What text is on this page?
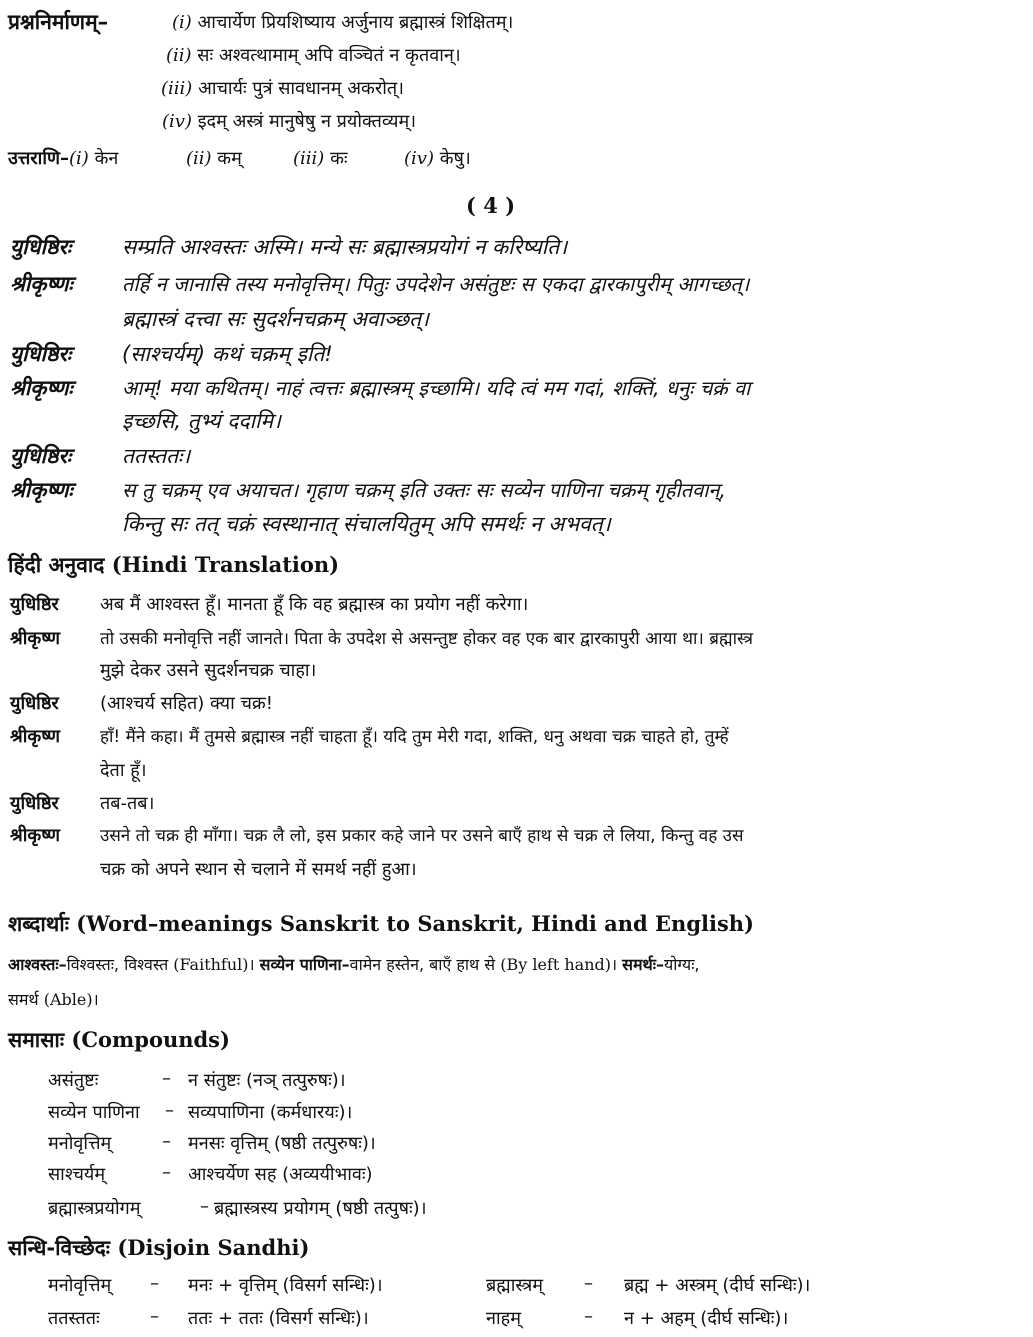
प्रश्ननिर्माणम्–	(i) आचार्येण प्रियशिष्याय अर्जुनाय ब्रह्मास्त्रं शिक्षितम्।
(ii) सः अश्वत्थामाम् अपि वञ्चितं न कृतवान्।
(iii) आचार्यः पुत्रं सावधानम् अकरोत्।
(iv) इदम् अस्त्रं मानुषेषु न प्रयोक्तव्यम्।
उत्तराणि–(i) केन	(ii) कम्	(iii) कः	(iv) केषु।
( 4 )
युधिष्ठिरः सम्प्रति आश्वस्तः अस्मि। मन्ये सः ब्रह्मास्त्रप्रयोगं न करिष्यति।
श्रीकृष्णः तर्हि न जानासि तस्य मनोवृत्तिम्। पितुः उपदेशेन असंतुष्टः स एकदा द्वारकापुरीम् आगच्छत्।
ब्रह्मास्त्रं दत्त्वा सः सुदर्शनचक्रम् अवाञ्छत्।
युधिष्ठिरः (साश्चर्यम्) कथं चक्रम् इति!
श्रीकृष्णः आम्! मया कथितम्। नाहं त्वत्तः ब्रह्मास्त्रम् इच्छामि। यदि त्वं मम गदां, शक्तिं, धनुः चक्रं वा
इच्छसि, तुभ्यं ददामि।
युधिष्ठिरः ततस्ततः।
श्रीकृष्णः स तु चक्रम् एव अयाचत। गृहाण चक्रम् इति उक्तः सः सव्येन पाणिना चक्रम् गृहीतवान्,
किन्तु सः तत् चक्रं स्वस्थानात् संचालयितुम् अपि समर्थः न अभवत्।
हिंदी अनुवाद (Hindi Translation)
युधिष्ठिर अब मैं आश्वस्त हूँ। मानता हूँ कि वह ब्रह्मास्त्र का प्रयोग नहीं करेगा।
श्रीकृष्ण तो उसकी मनोवृत्ति नहीं जानते। पिता के उपदेश से असन्तुष्ट होकर वह एक बार द्वारकापुरी आया था। ब्रह्मास्त्र
मुझे देकर उसने सुदर्शनचक्र चाहा।
युधिष्ठिर (आश्चर्य सहित) क्या चक्र!
श्रीकृष्ण हाँ! मैंने कहा। मैं तुमसे ब्रह्मास्त्र नहीं चाहता हूँ। यदि तुम मेरी गदा, शक्ति, धनु अथवा चक्र चाहते हो, तुम्हें
देता हूँ।
युधिष्ठिर तब-तब।
श्रीकृष्ण उसने तो चक्र ही माँगा। चक्र लै लो, इस प्रकार कहे जाने पर उसने बाएँ हाथ से चक्र ले लिया, किन्तु वह उस
चक्र को अपने स्थान से चलाने में समर्थ नहीं हुआ।
शब्दार्थाः (Word–meanings Sanskrit to Sanskrit, Hindi and English)
आश्वस्तः–विश्वस्तः, विश्वस्त (Faithful)। सव्येन पाणिना–वामेन हस्तेन, बाएँ हाथ से (By left hand)। समर्थः–योग्यः,
समर्थ (Able)।
समासाः (Compounds)
असंतुष्टः	– न संतुष्टः (नञ् तत्पुरुषः)।
सव्येन पाणिना – सव्यपाणिना (कर्मधारयः)।
मनोवृत्तिम्	– मनसः वृत्तिम् (षष्ठी तत्पुरुषः)।
साश्चर्यम्	– आश्चर्येण सह (अव्ययीभावः)
ब्रह्मास्त्रप्रयोगम्	– ब्रह्मास्त्रस्य प्रयोगम् (षष्ठी तत्पुषः)।
सन्धि-विच्छेदः (Disjoin Sandhi)
मनोवृत्तिम् – मनः + वृत्तिम् (विसर्ग सन्धिः)।	ब्रह्मास्त्रम् – ब्रह्म + अस्त्रम् (दीर्घ सन्धिः)।
ततस्ततः	– ततः + ततः (विसर्ग सन्धिः)।	नाहम्	– न + अहम् (दीर्घ सन्धिः)।
